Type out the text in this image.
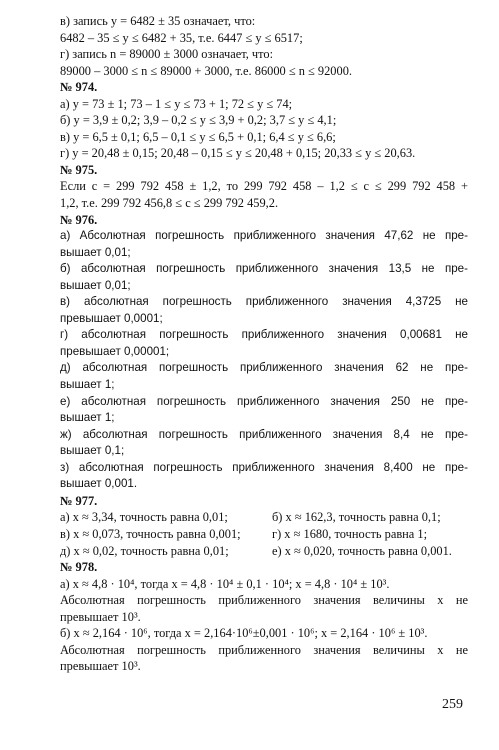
в) запись y = 6482 ± 35 означает, что:
6482 – 35 ≤ y ≤ 6482 + 35, т.е. 6447 ≤ y ≤ 6517;
г) запись n = 89000 ± 3000 означает, что:
89000 – 3000 ≤ n ≤ 89000 + 3000, т.е. 86000 ≤ n ≤ 92000.
№ 974.
а) y = 73 ± 1; 73 – 1 ≤ y ≤ 73 + 1; 72 ≤ y ≤ 74;
б) y = 3,9 ± 0,2; 3,9 – 0,2 ≤ y ≤ 3,9 + 0,2; 3,7 ≤ y ≤ 4,1;
в) y = 6,5 ± 0,1; 6,5 – 0,1 ≤ y ≤ 6,5 + 0,1; 6,4 ≤ y ≤ 6,6;
г) y = 20,48 ± 0,15; 20,48 – 0,15 ≤ y ≤ 20,48 + 0,15; 20,33 ≤ y ≤ 20,63.
№ 975.
Если c = 299 792 458 ± 1,2, то 299 792 458 – 1,2 ≤ c ≤ 299 792 458 +
1,2, т.е. 299 792 456,8 ≤ c ≤ 299 792 459,2.
№ 976.
а) Абсолютная погрешность приближенного значения 47,62 не пре-
вышает 0,01;
б) абсолютная погрешность приближенного значения 13,5 не пре-
вышает 0,01;
в) абсолютная погрешность приближенного значения 4,3725 не
превышает 0,0001;
г) абсолютная погрешность приближенного значения 0,00681 не
превышает 0,00001;
д) абсолютная погрешность приближенного значения 62 не пре-
вышает 1;
е) абсолютная погрешность приближенного значения 250 не пре-
вышает 1;
ж) абсолютная погрешность приближенного значения 8,4 не пре-
вышает 0,1;
з) абсолютная погрешность приближенного значения 8,400 не пре-
вышает 0,001.
№ 977.
а) x ≈ 3,34, точность равна 0,01;	б) x ≈ 162,3, точность равна 0,1;
в) x ≈ 0,073, точность равна 0,001;	г) x ≈ 1680, точность равна 1;
д) x ≈ 0,02, точность равна 0,01;	е) x ≈ 0,020, точность равна 0,001.
№ 978.
а) x ≈ 4,8 · 10⁴, тогда x = 4,8 · 10⁴ ± 0,1 · 10⁴; x = 4,8 · 10⁴ ± 10³.
Абсолютная погрешность приближенного значения величины x не
превышает 10³.
б) x ≈ 2,164 · 10⁶, тогда x = 2,164·10⁶±0,001 · 10⁶; x = 2,164 · 10⁶ ± 10³.
Абсолютная погрешность приближенного значения величины x не
превышает 10³.
259
